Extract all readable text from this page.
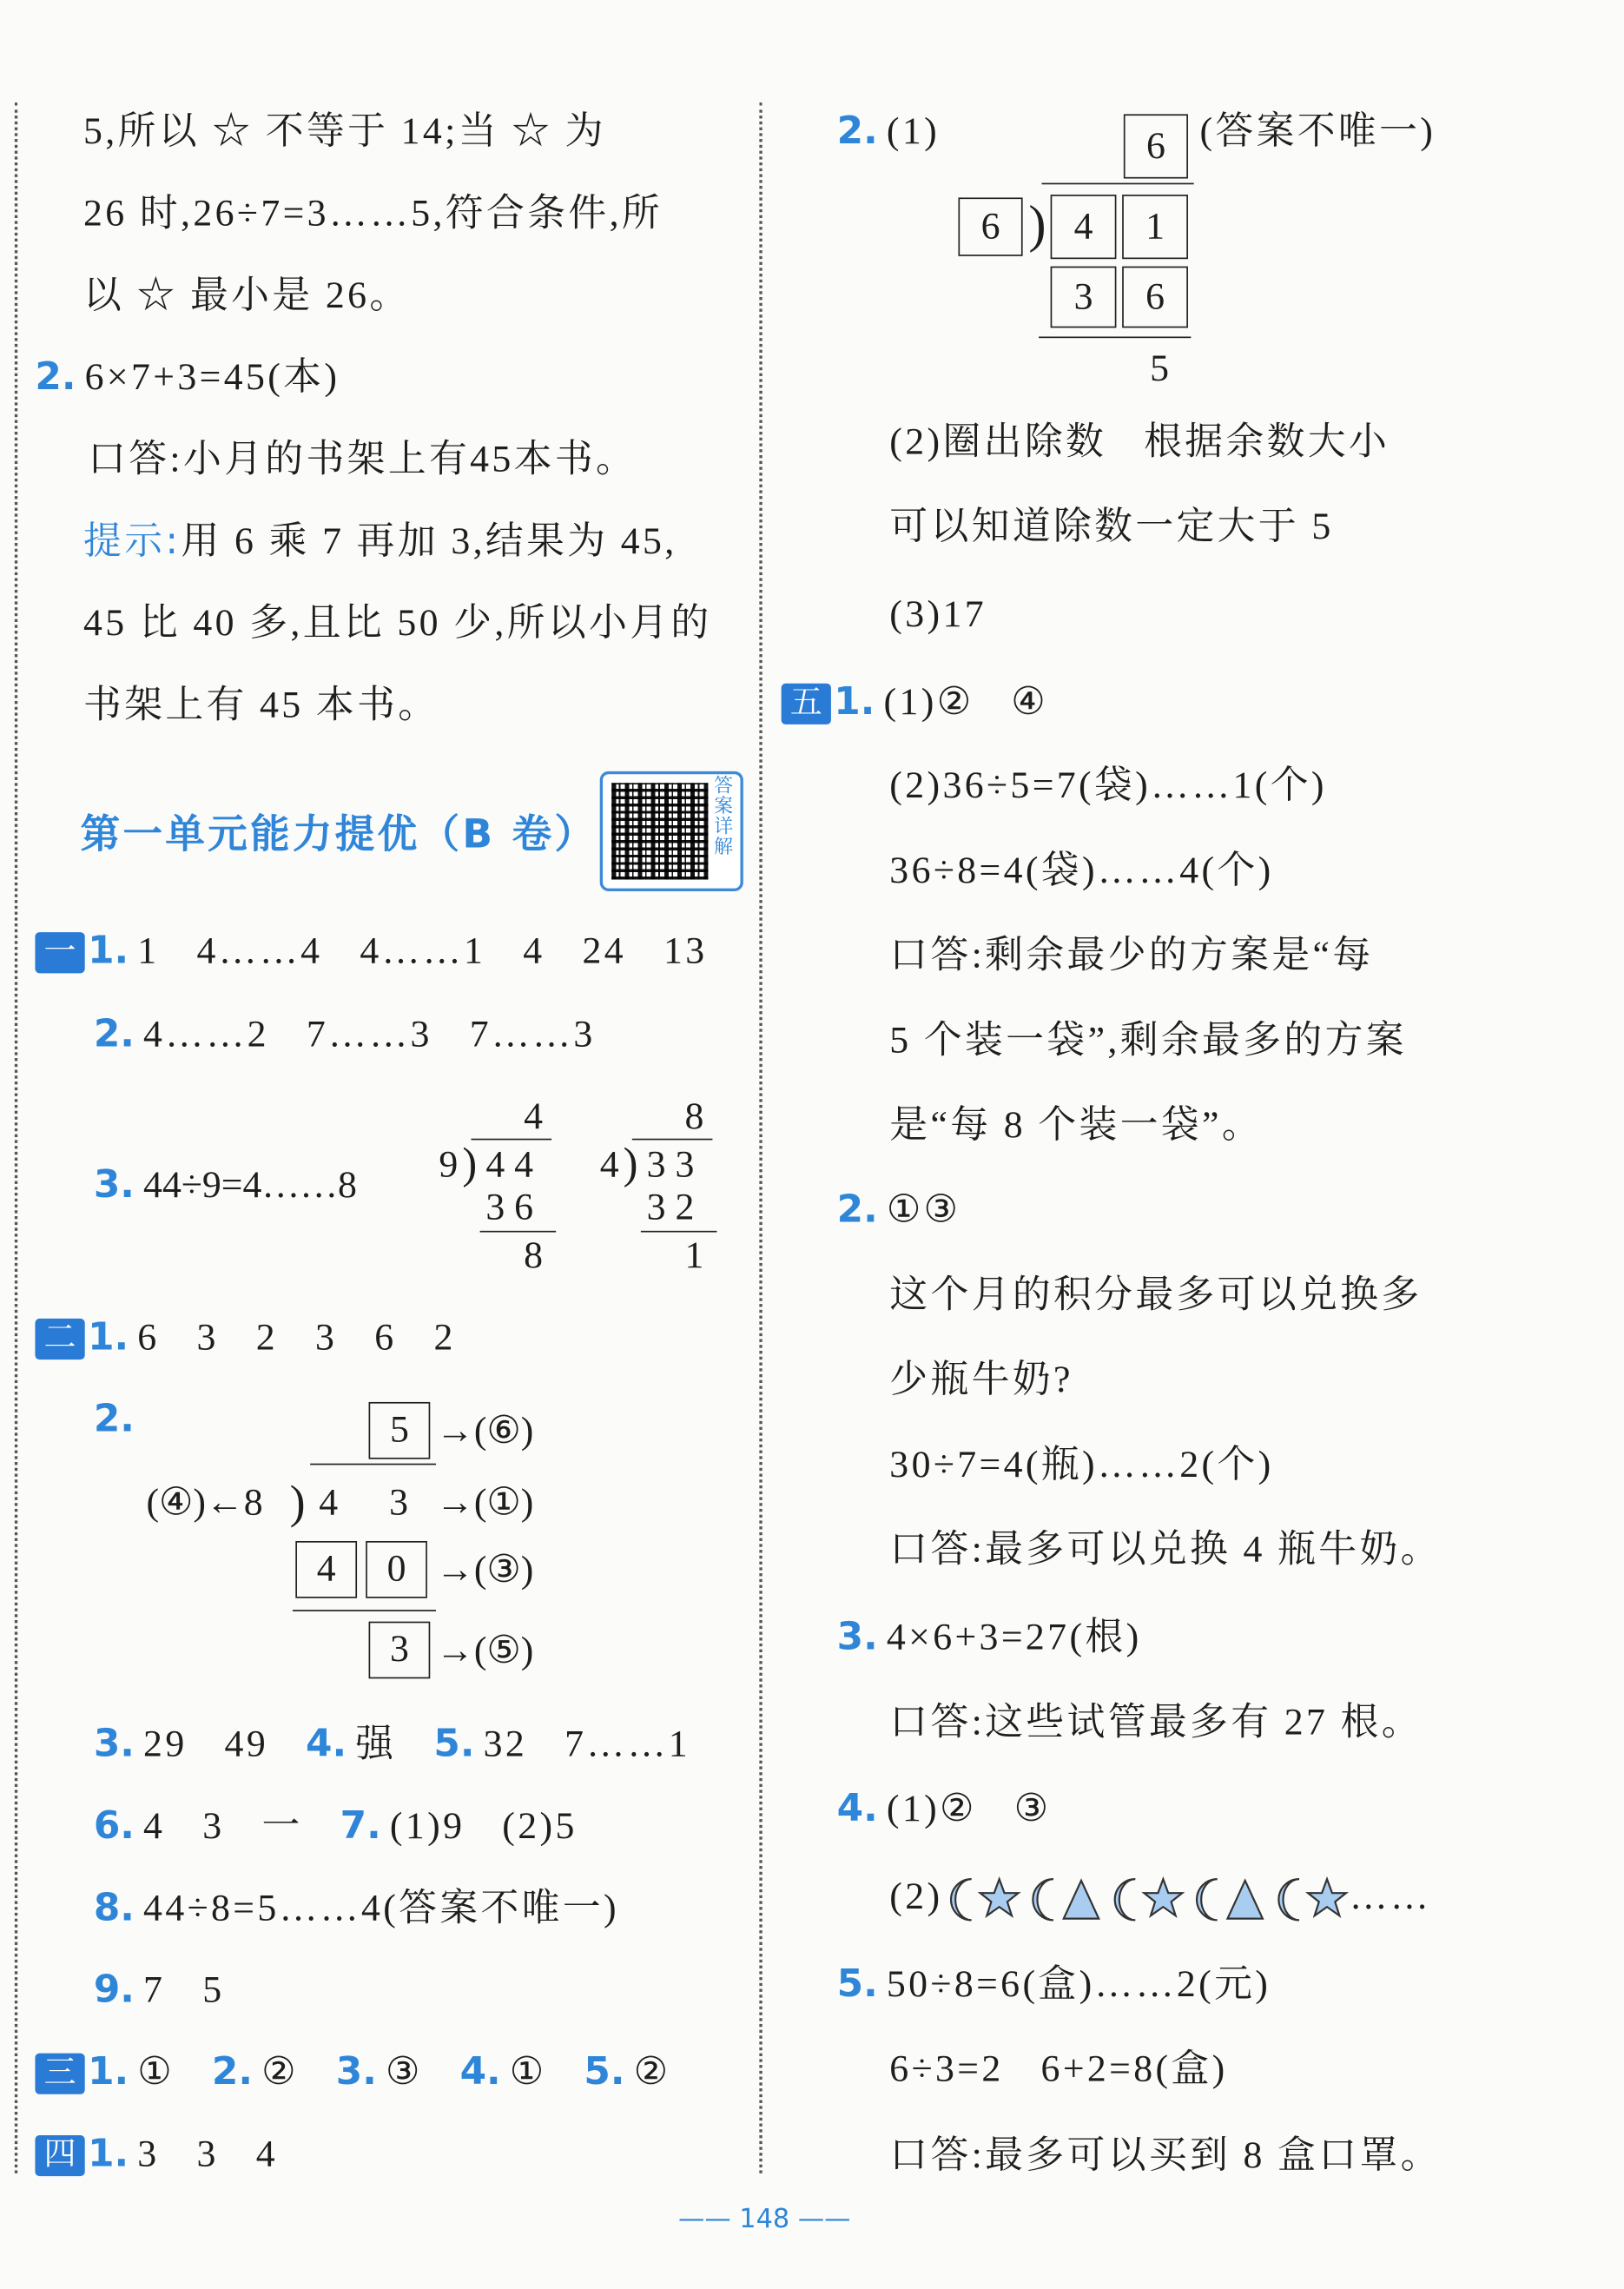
5,所以 ☆ 不等于 14;当 ☆ 为
26 时,26÷7=3……5,符合条件,所
以 ☆ 最小是 26。
2. 6×7+3=45(本)
口答:小月的书架上有45本书。
提示:用 6 乘 7 再加 3,结果为 45,
45 比 40 多,且比 50 少,所以小月的
书架上有 45 本书。
第一单元能力提优（B 卷）
答案详解
一 1. 1   4……4   4……1   4   24   13
2. 4……2   7……3   7……3
3. 44÷9=4……8
4
9 ) 4 4
3 6
8
8
4 ) 3 3
3 2
1
二 1. 6   3   2   3   6   2
2.	5	→(⑥)
(④)←8 ) 4 3 →(①)
4	0	→(③)
3	→(⑤)
3. 29   49 4. 强 5. 32   7……1
6. 4   3   一 7. (1)9   (2)5
8. 44÷8=5……4(答案不唯一)
9. 7   5
三 1. ① 2. ② 3. ③ 4. ① 5. ②
四 1. 3   3   4
2. (1)	6	(答案不唯一)
6 )	4	1
3	6
5
(2)圈出除数   根据余数大小
可以知道除数一定大于 5
(3)17
五 1. (1)②   ④
(2)36÷5=7(袋)……1(个)
36÷8=4(袋)……4(个)
口答:剩余最少的方案是“每
5 个装一袋”,剩余最多的方案
是“每 8 个装一袋”。
2. ①③
这个月的积分最多可以兑换多
少瓶牛奶?
30÷7=4(瓶)……2(个)
口答:最多可以兑换 4 瓶牛奶。
3. 4×6+3=27(根)
口答:这些试管最多有 27 根。
4. (1)②   ③
(2)	……
5. 50÷8=6(盒)……2(元)
6÷3=2   6+2=8(盒)
口答:最多可以买到 8 盒口罩。
—— 148 ——
